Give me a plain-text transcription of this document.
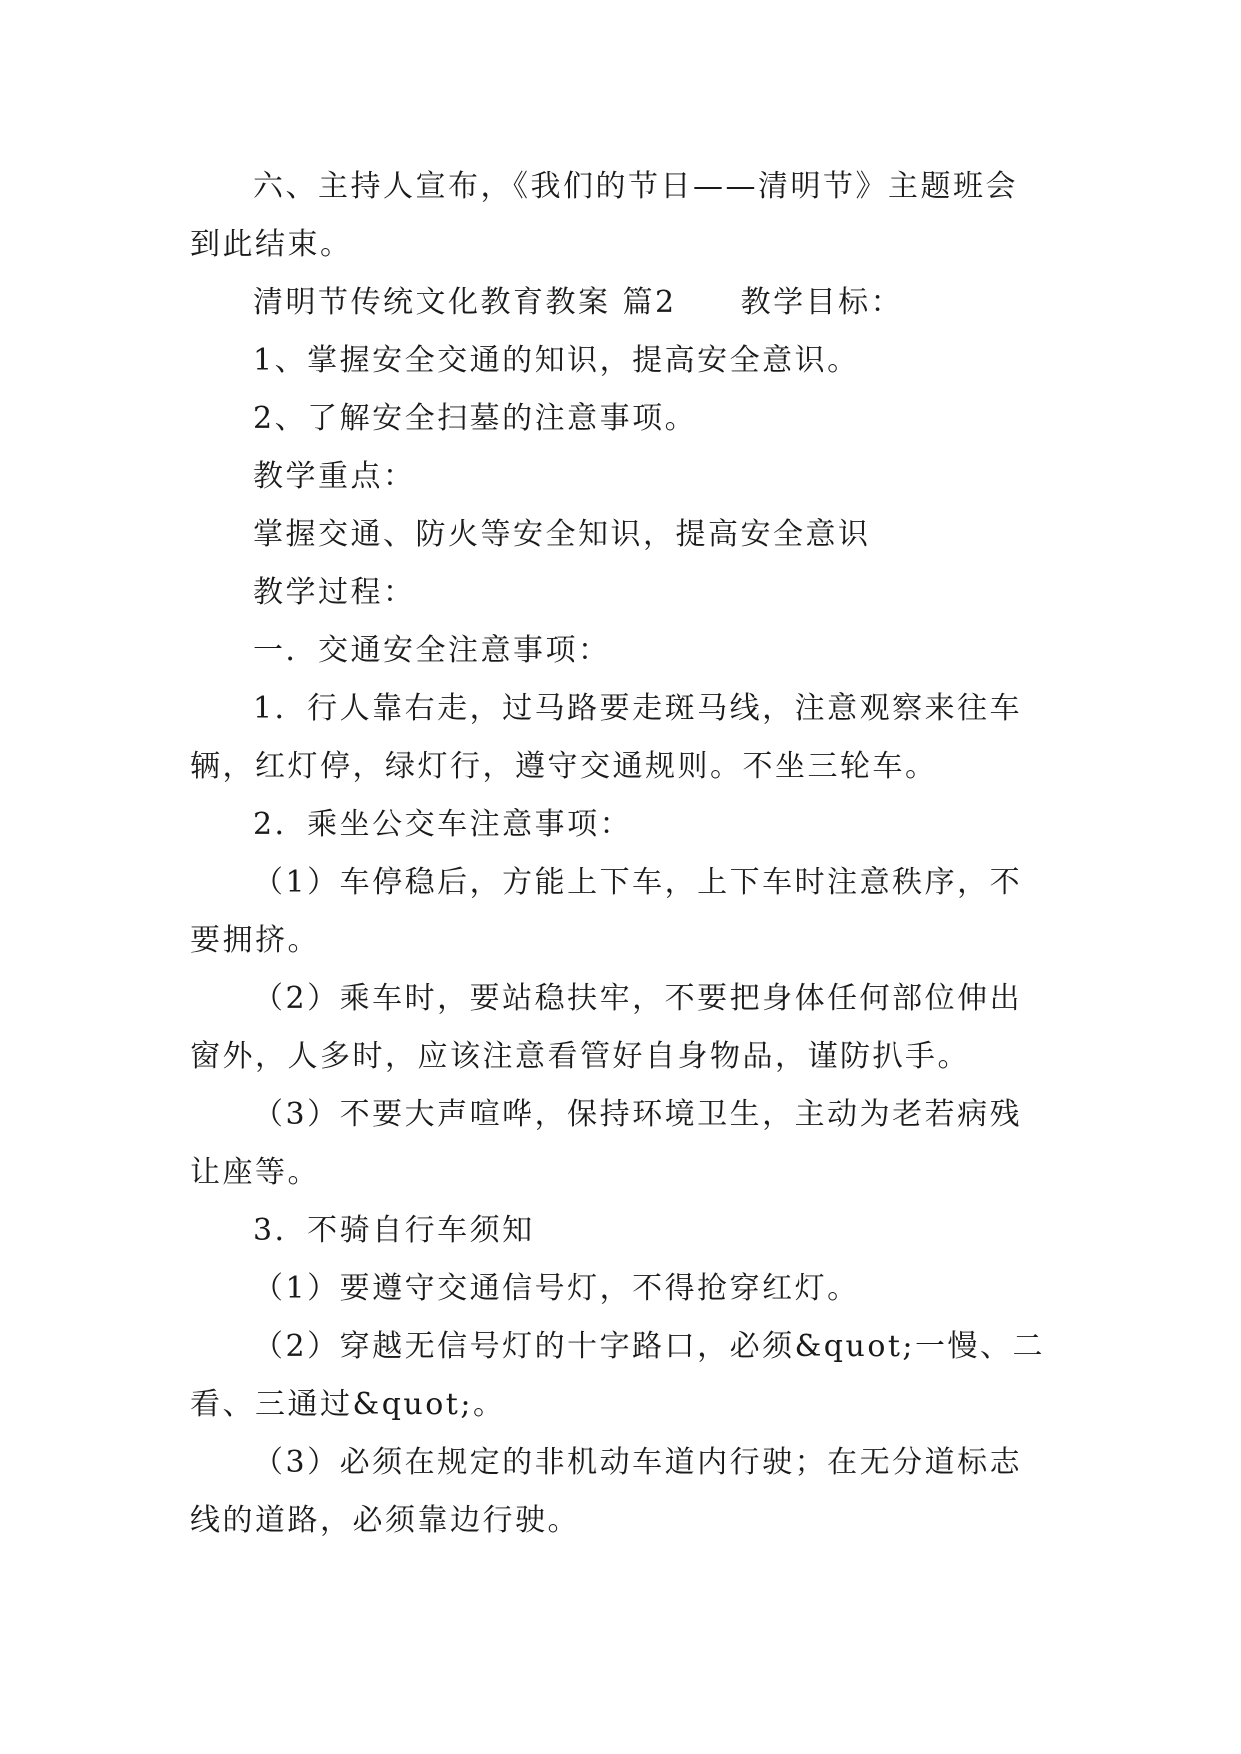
六、主持人宣布，《我们的节日——清明节》主题班会到此结束。

清明节传统文化教育教案 篇2 教学目标：

1、掌握安全交通的知识，提高安全意识。

2、了解安全扫墓的注意事项。

教学重点：

掌握交通、防火等安全知识，提高安全意识

教学过程：

一．交通安全注意事项：

1．行人靠右走，过马路要走斑马线，注意观察来往车辆，红灯停，绿灯行，遵守交通规则。不坐三轮车。

2．乘坐公交车注意事项：

（1）车停稳后，方能上下车，上下车时注意秩序，不要拥挤。

（2）乘车时，要站稳扶牢，不要把身体任何部位伸出窗外，人多时，应该注意看管好自身物品，谨防扒手。

（3）不要大声喧哗，保持环境卫生，主动为老若病残让座等。

3．不骑自行车须知

（1）要遵守交通信号灯，不得抢穿红灯。

（2）穿越无信号灯的十字路口，必须&quot;一慢、二看、三通过&quot;。

（3）必须在规定的非机动车道内行驶；在无分道标志线的道路，必须靠边行驶。
